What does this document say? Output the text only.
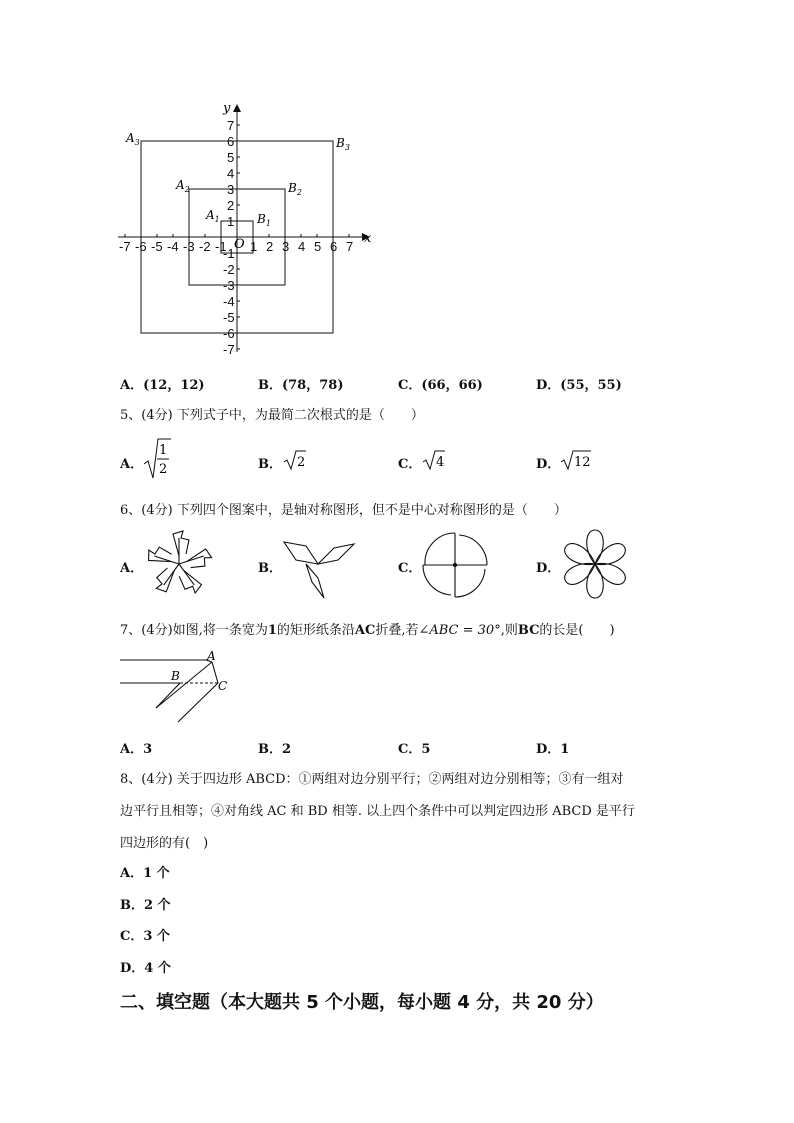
-7 -6 -5 -4 -3 -2 -1 1 2 3 4 5 6 7
7
6
5
4
3
2
1
-1
-2
-3
-4
-5
-6
-7
x
y
O
$A_1$	$B_1$
$A_2$	$B_2$
$A_3$	$B_3$
A．(12，12)	B．(78，78)	C．(66，66)	D．(55，55)
5、(4分) 下列式子中，为最简二次根式的是（　　）
A．
1
2	B． 2	C． 4	D． 12
6、(4分) 下列四个图案中，是轴对称图形，但不是中心对称图形的是（　　）
A．	B．	C．	D．
7、(4分)如图,将一条宽为1的矩形纸条沿AC折叠,若∠ABC = 30°,则BC的长是(　　)
A
B
C
A．3	B．2	C．5	D．1
8、(4分) 关于四边形 ABCD：①两组对边分别平行；②两组对边分别相等；③有一组对
边平行且相等；④对角线 AC 和 BD 相等. 以上四个条件中可以判定四边形 ABCD 是平行
四边形的有(　)
A．1 个
B．2 个
C．3 个
D．4 个
二、填空题（本大题共 5 个小题，每小题 4 分，共 20 分）
